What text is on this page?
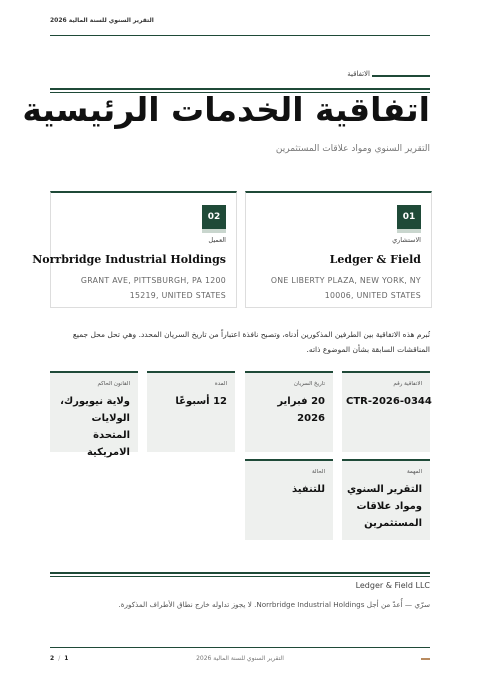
التقرير السنوي للسنة المالية 2026
الاتفاقية
اتفاقية الخدمات الرئيسية
التقرير السنوي ومواد علاقات المستثمرين
01
الاستشاري
Ledger & Field
ONE LIBERTY PLAZA, NEW YORK, NY 10006, UNITED STATES
02
العميل
Norrbridge Industrial Holdings
GRANT AVE, PITTSBURGH, PA 1200 15219, UNITED STATES
تُبرم هذه الاتفاقية بين الطرفين المذكورين أدناه، وتصبح نافذة اعتباراً من تاريخ السريان المحدد. وهي تحل محل جميع المناقشات السابقة بشأن الموضوع ذاته.
الاتفاقية رقم
CTR-2026-0344
تاريخ السريان
20 فبراير 2026
المدة
12 أسبوعًا
القانون الحاكم
ولاية نيويورك، الولايات المتحدة الامريكية
المهمة
التقرير السنوي ومواد علاقات المستثمرين
الحالة
للتنفيذ
Ledger & Field LLC
سرّي — أُعدّ من أجل Norrbridge Industrial Holdings. لا يجوز تداوله خارج نطاق الأطراف المذكورة.
2 / 1	التقرير السنوي للسنة المالية 2026
